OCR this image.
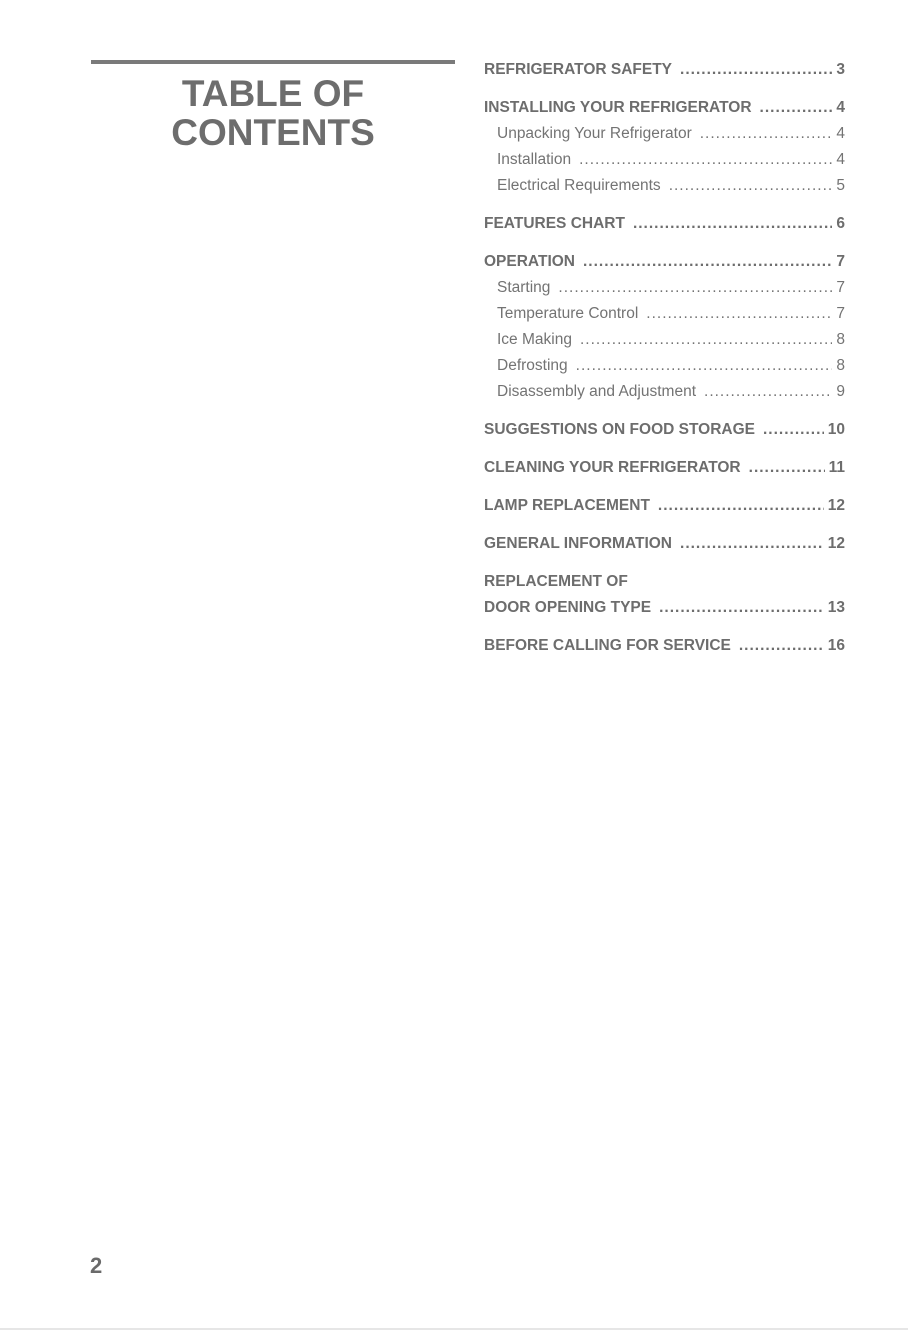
TABLE OF
CONTENTS
REFRIGERATOR SAFETY .....	3
INSTALLING YOUR REFRIGERATOR .....	4
Unpacking Your Refrigerator .....	4
Installation .....	4
Electrical Requirements .....	5
FEATURES CHART .....	6
OPERATION .....	7
Starting .....	7
Temperature Control .....	7
Ice Making .....	8
Defrosting .....	8
Disassembly and Adjustment .....	9
SUGGESTIONS ON FOOD STORAGE .....	10
CLEANING YOUR REFRIGERATOR .....	11
LAMP REPLACEMENT .....	12
GENERAL INFORMATION .....	12
REPLACEMENT OF
DOOR OPENING TYPE .....	13
BEFORE CALLING FOR SERVICE .....	16
2
